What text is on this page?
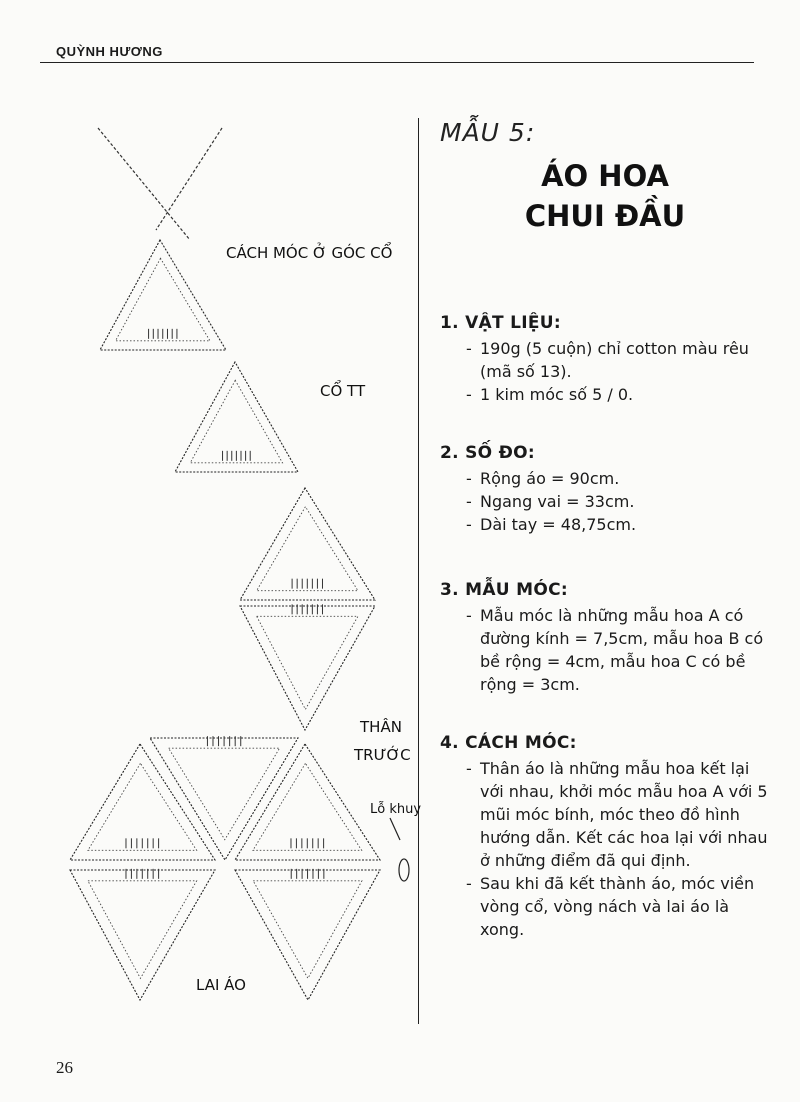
QUỲNH HƯƠNG
CÁCH MÓC Ở GÓC CỔ
CỔ TT
THÂN
TRƯỚC
Lỗ khuy
LAI ÁO
MẪU 5:
ÁO HOA
CHUI ĐẦU
1. VẬT LIỆU:
- 190g (5 cuộn) chỉ cotton màu rêu (mã số 13).
- 1 kim móc số 5 / 0.
2. SỐ ĐO:
- Rộng áo = 90cm.
- Ngang vai = 33cm.
- Dài tay = 48,75cm.
3. MẪU MÓC:
- Mẫu móc là những mẫu hoa A có đường kính = 7,5cm, mẫu hoa B có bề rộng = 4cm, mẫu hoa C có bề rộng = 3cm.
4. CÁCH MÓC:
- Thân áo là những mẫu hoa kết lại với nhau, khởi móc mẫu hoa A với 5 mũi móc bính, móc theo đồ hình hướng dẫn. Kết các hoa lại với nhau ở những điểm đã qui định.
- Sau khi đã kết thành áo, móc viền vòng cổ, vòng nách và lai áo là xong.
26
